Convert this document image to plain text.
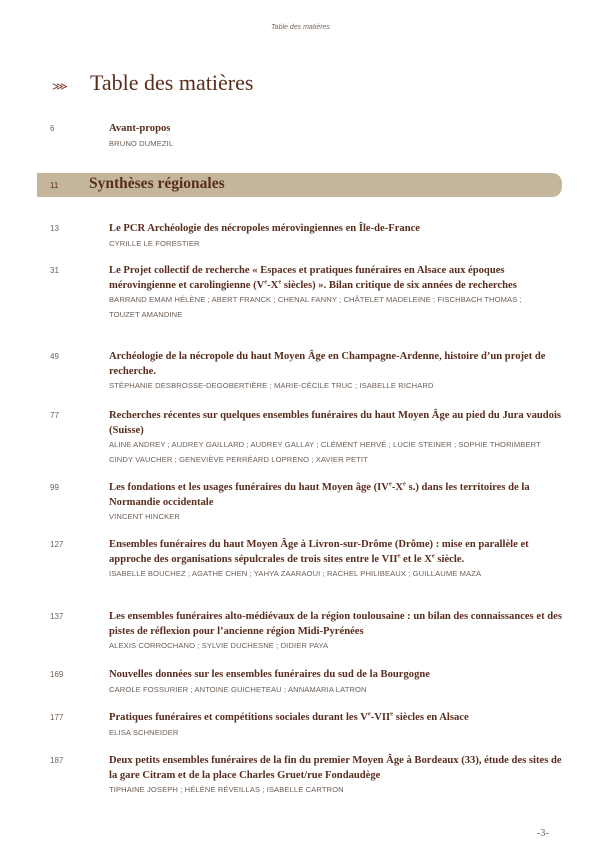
Table des matières
⋙	Table des matières
6	Avant-propos
BRUNO DUMEZIL
11 Synthèses régionales
13	Le PCR Archéologie des nécropoles mérovingiennes en Île-de-France
CYRILLE LE FORESTIER
31	Le Projet collectif de recherche « Espaces et pratiques funéraires en Alsace aux époques mérovingienne et carolingienne (Ve-Xe siècles) ». Bilan critique de six années de recherches
BARRAND EMAM HÉLÈNE ; ABERT FRANCK ; CHENAL FANNY ; CHÂTELET MADELEINE ; FISCHBACH THOMAS ;
TOUZET AMANDINE
49	Archéologie de la nécropole du haut Moyen Âge en Champagne-Ardenne, histoire d’un projet de recherche.
STÉPHANIE DESBROSSE-DEGOBERTIÈRE ; MARIE-CÉCILE TRUC ; ISABELLE RICHARD
77	Recherches récentes sur quelques ensembles funéraires du haut Moyen Âge au pied du Jura vaudois (Suisse)
ALINE ANDREY ; AUDREY GAILLARD ; AUDREY GALLAY ; CLÉMENT HERVÉ ; LUCIE STEINER ; SOPHIE THORIMBERT
CINDY VAUCHER ; GENEVIÈVE PERRÉARD LOPRENO ; XAVIER PETIT
99	Les fondations et les usages funéraires du haut Moyen âge (IVe-Xe s.) dans les territoires de la Normandie occidentale
VINCENT HINCKER
127	Ensembles funéraires du haut Moyen Âge à Livron-sur-Drôme (Drôme) : mise en parallèle et approche des organisations sépulcrales de trois sites entre le VIIe et le Xe siècle.
ISABELLE BOUCHEZ ; AGATHE CHEN ; YAHYA ZAARAOUI ; RACHEL PHILIBEAUX ; GUILLAUME MAZA
137	Les ensembles funéraires alto-médiévaux de la région toulousaine : un bilan des connaissances et des pistes de réflexion pour l’ancienne région Midi-Pyrénées
ALEXIS CORROCHANO ; SYLVIE DUCHESNE ; DIDIER PAYA
169	Nouvelles données sur les ensembles funéraires du sud de la Bourgogne
CAROLE FOSSURIER ; ANTOINE GUICHETEAU ; ANNAMARIA LATRON
177	Pratiques funéraires et compétitions sociales durant les Ve-VIIe siècles en Alsace
ELISA SCHNEIDER
187	Deux petits ensembles funéraires de la fin du premier Moyen Âge à Bordeaux (33), étude des sites de la gare Citram et de la place Charles Gruet/rue Fondaudège
TIPHAINE JOSEPH ; HÉLÈNE RÉVEILLAS ; ISABELLE CARTRON
-3-
